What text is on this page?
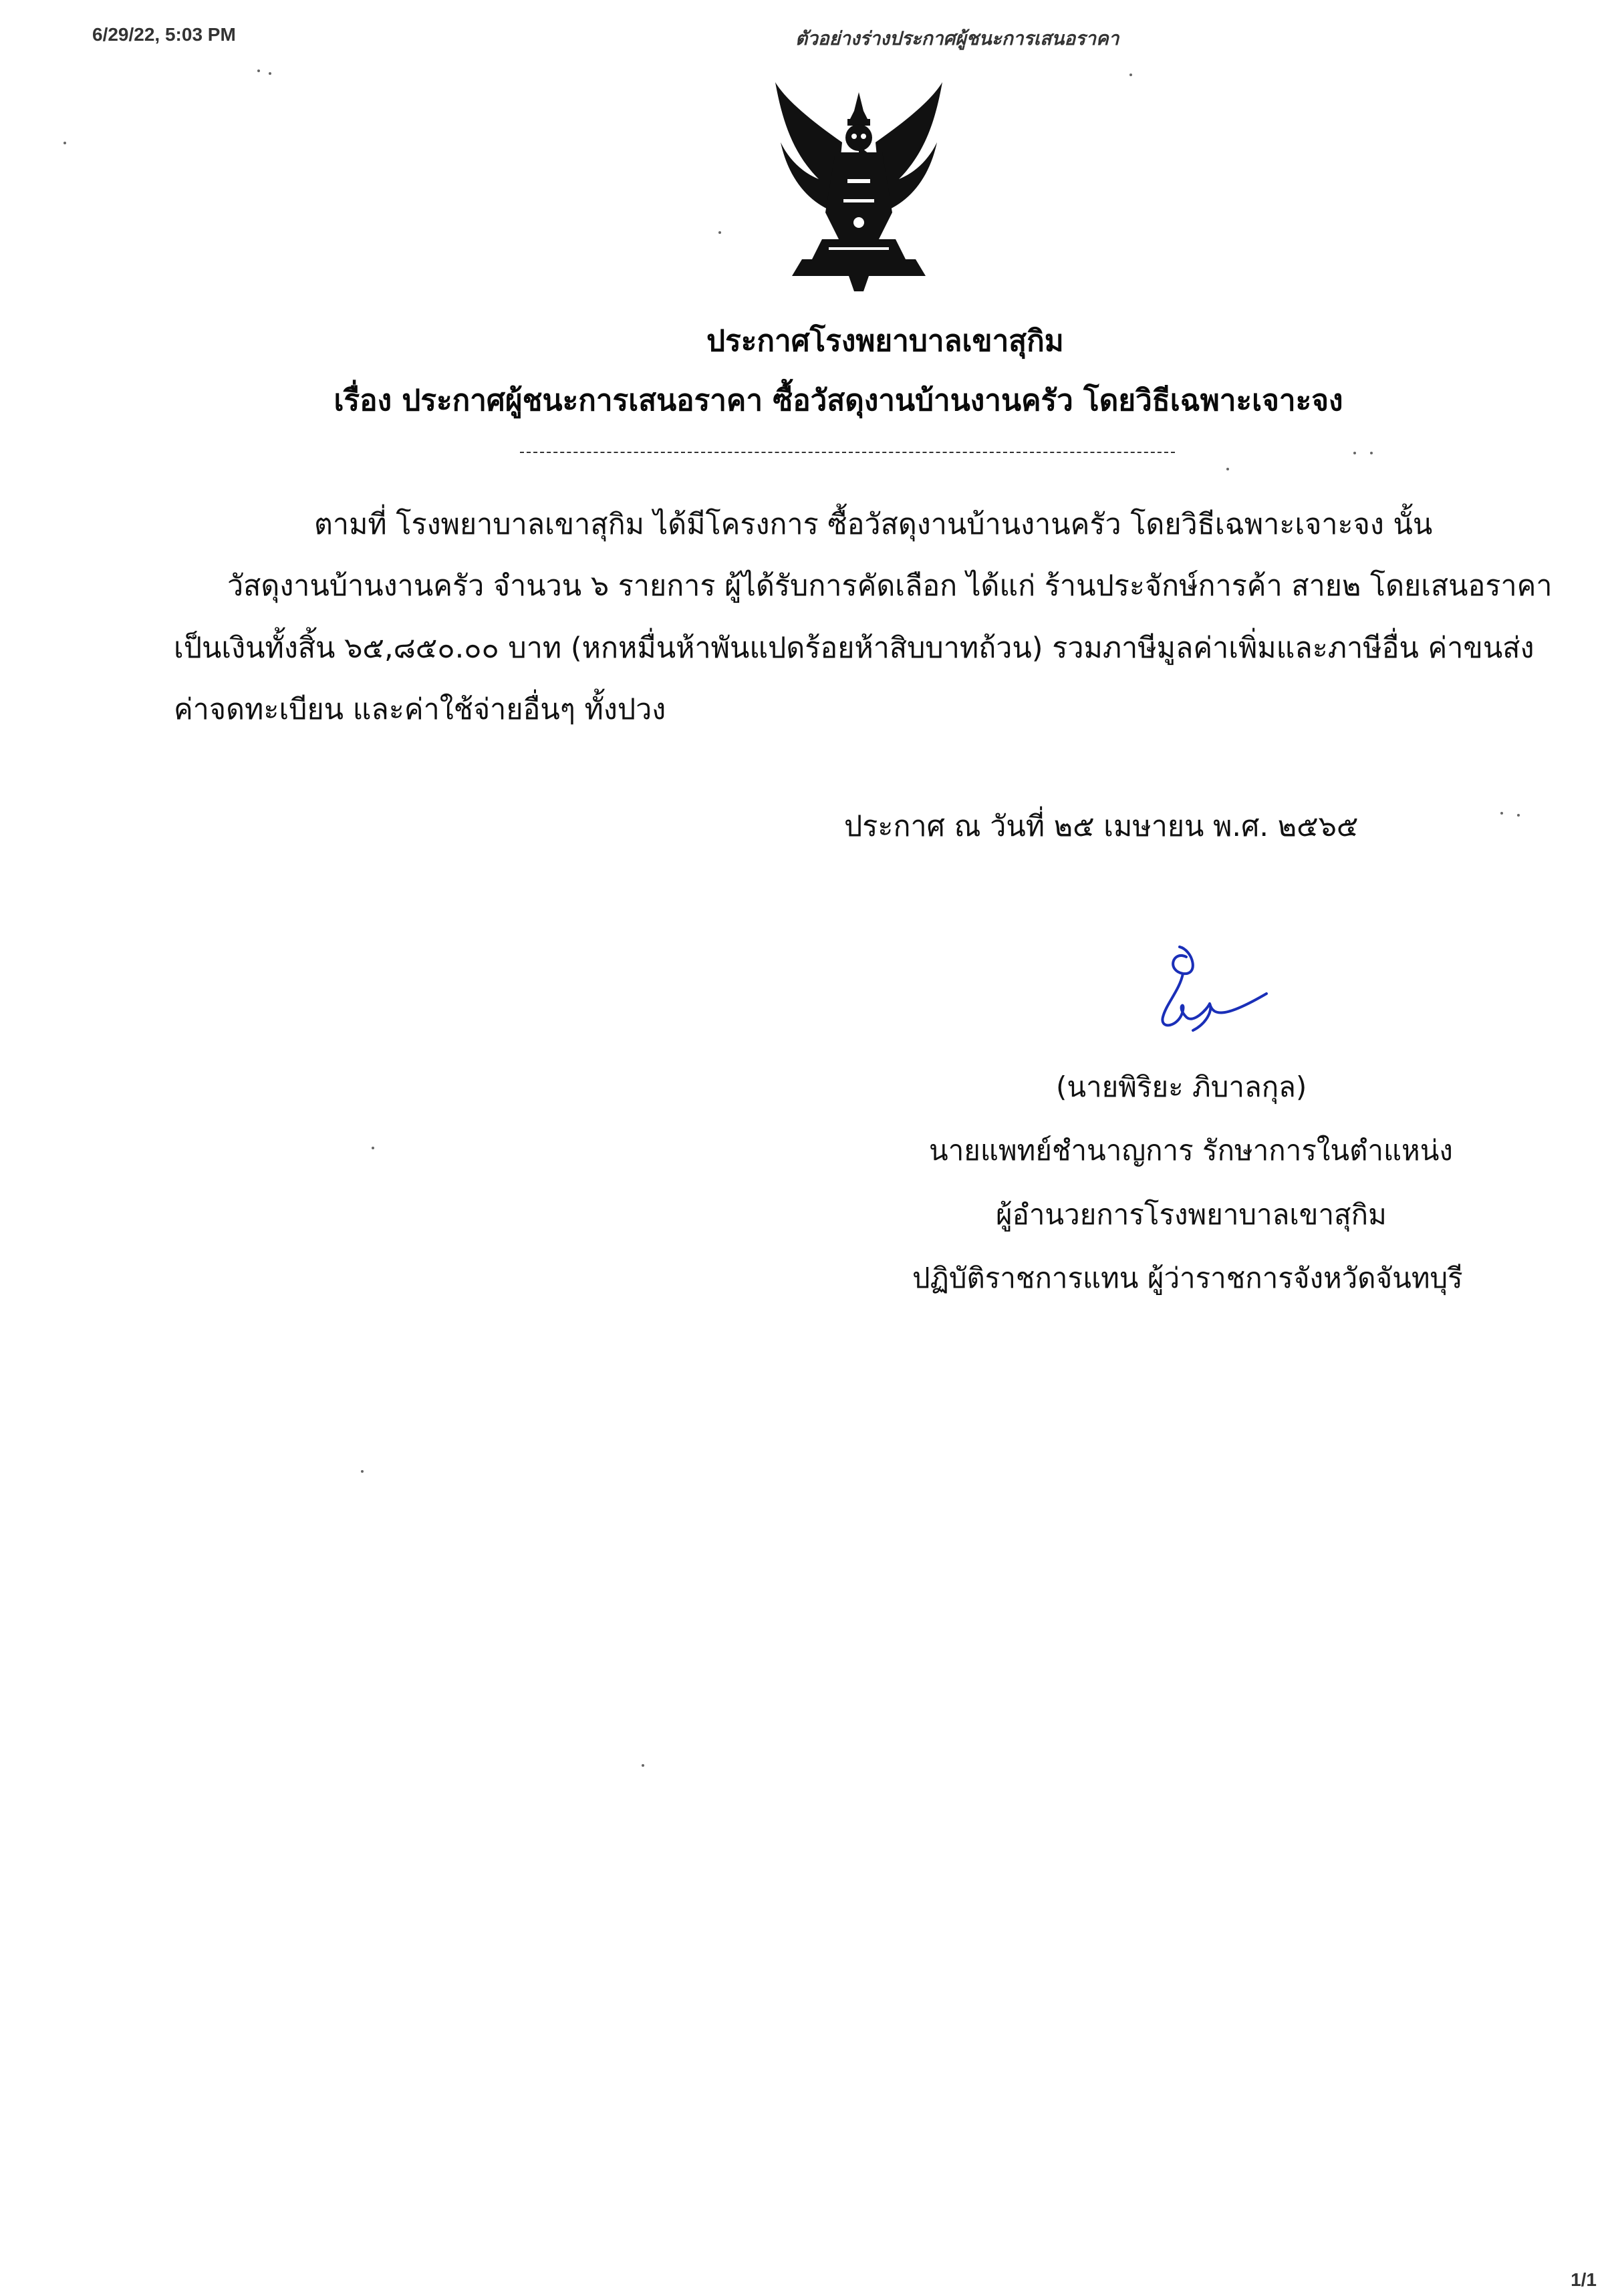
6/29/22, 5:03 PM	ตัวอย่างร่างประกาศผู้ชนะการเสนอราคา
ประกาศโรงพยาบาลเขาสุกิม
เรื่อง ประกาศผู้ชนะการเสนอราคา ซื้อวัสดุงานบ้านงานครัว โดยวิธีเฉพาะเจาะจง
ตามที่ โรงพยาบาลเขาสุกิม ได้มีโครงการ ซื้อวัสดุงานบ้านงานครัว โดยวิธีเฉพาะเจาะจง นั้น
วัสดุงานบ้านงานครัว จำนวน ๖ รายการ ผู้ได้รับการคัดเลือก ได้แก่ ร้านประจักษ์การค้า สาย๒ โดยเสนอราคา
เป็นเงินทั้งสิ้น ๖๕,๘๕๐.๐๐ บาท (หกหมื่นห้าพันแปดร้อยห้าสิบบาทถ้วน) รวมภาษีมูลค่าเพิ่มและภาษีอื่น ค่าขนส่ง
ค่าจดทะเบียน และค่าใช้จ่ายอื่นๆ ทั้งปวง
ประกาศ ณ วันที่ ๒๕ เมษายน พ.ศ. ๒๕๖๕
(นายพิริยะ ภิบาลกุล)
นายแพทย์ชำนาญการ รักษาการในตำแหน่ง
ผู้อำนวยการโรงพยาบาลเขาสุกิม
ปฏิบัติราชการแทน ผู้ว่าราชการจังหวัดจันทบุรี
1/1
